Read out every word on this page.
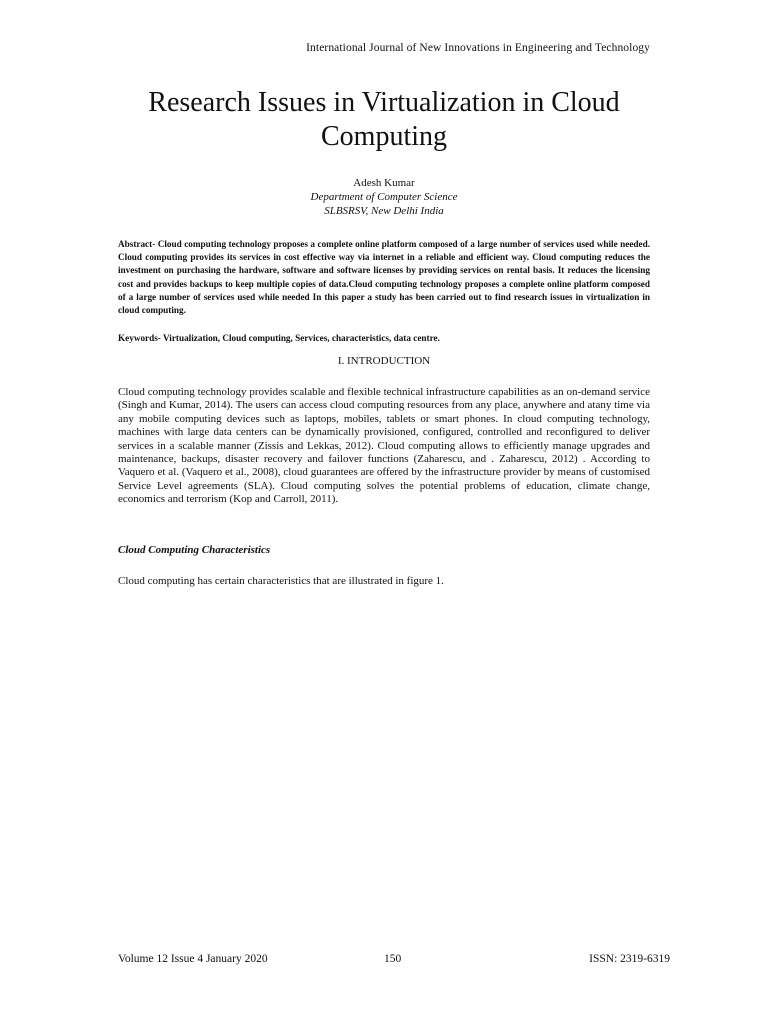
International Journal of New Innovations in Engineering and Technology
Research Issues in Virtualization in Cloud Computing
Adesh Kumar
Department of Computer Science
SLBSRSV, New Delhi India

Abstract- Cloud computing technology proposes a complete online platform composed of a large number of services used while needed. Cloud computing provides its services in cost effective way via internet in a reliable and efficient way. Cloud computing reduces the investment on purchasing the hardware, software and software licenses by providing services on rental basis. It reduces the licensing cost and provides backups to keep multiple copies of data.Cloud computing technology proposes a complete online platform composed of a large number of services used while needed In this paper a study has been carried out to find research issues in virtualization in cloud computing.

Keywords- Virtualization, Cloud computing, Services, characteristics, data centre.

I. INTRODUCTION

Cloud computing technology provides scalable and flexible technical infrastructure capabilities as an on-demand service (Singh and Kumar, 2014). The users can access cloud computing resources from any place, anywhere and atany time via any mobile computing devices such as laptops, mobiles, tablets or smart phones. In cloud computing technology, machines with large data centers can be dynamically provisioned, configured, controlled and reconfigured to deliver services in a scalable manner (Zissis and Lekkas, 2012). Cloud computing allows to efficiently manage upgrades and maintenance, backups, disaster recovery and failover functions (Zaharescu, and . Zaharescu, 2012) . According to Vaquero et al. (Vaquero et al., 2008), cloud guarantees are offered by the infrastructure provider by means of customised Service Level agreements (SLA). Cloud computing solves the potential problems of education, climate change, economics and terrorism (Kop and Carroll, 2011).

Cloud Computing Characteristics

Cloud computing has certain characteristics that are illustrated in figure 1.

Volume 12 Issue 4 January 2020	150	ISSN: 2319-6319
